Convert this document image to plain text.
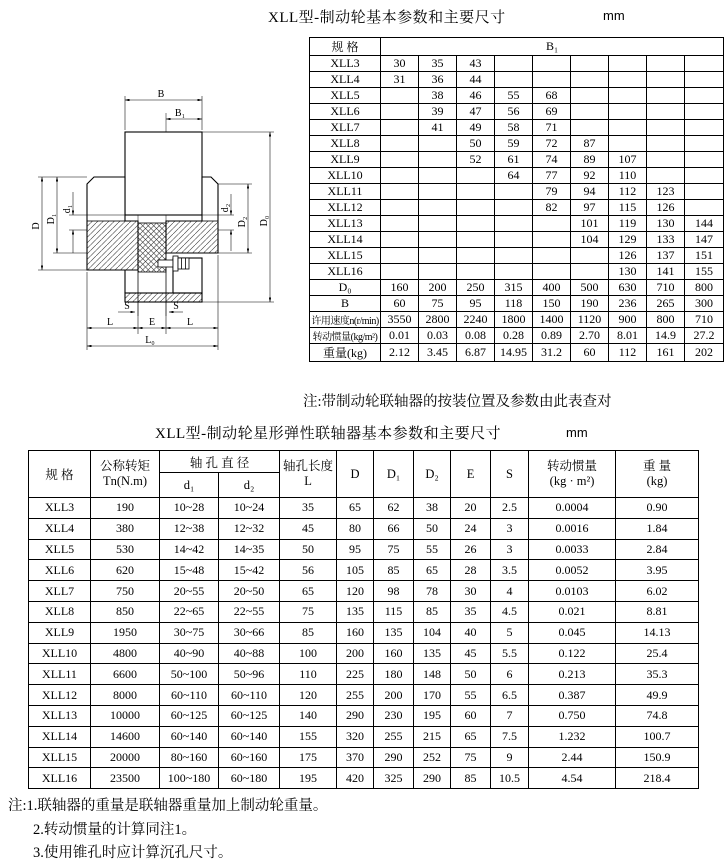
XLL型-制动轮基本参数和主要尺寸	mm
B
B₁
D
D₁
d₁	d₂
D₂ D₀
S	S
L	E	L
L₀
规 格	B₁								
XLL3	30	35	43						
XLL4	31	36	44						
XLL5		38	46	55	68				
XLL6		39	47	56	69				
XLL7		41	49	58	71				
XLL8			50	59	72	87			
XLL9			52	61	74	89	107		
XLL10				64	77	92	110		
XLL11					79	94	112	123	
XLL12					82	97	115	126	
XLL13						101	119	130	144
XLL14						104	129	133	147
XLL15							126	137	151
XLL16							130	141	155
D₀	160	200	250	315	400	500	630	710	800
B	60	75	95	118	150	190	236	265	300
许用速度n(r/min)	3550	2800	2240	1800	1400	1120	900	800	710
转动惯量(kg/m²)	0.01	0.03	0.08	0.28	0.89	2.70	8.01	14.9	27.2
重量(kg)	2.12	3.45	6.87	14.95	31.2	60	112	161	202
注:带制动轮联轴器的按装位置及参数由此表查对
XLL型-制动轮星形弹性联轴器基本参数和主要尺寸	mm
规 格	
公称转矩
Tn(N.m)
	轴 孔 直 径	轴孔长度
L
	D	D₁	D₂	E	S	
转动惯量
(kg · m²)

重 量
(kg)

		d₁	d₂								
XLL3	190	10~28	10~24	35	65	62	38	20	2.5	0.0004	0.90
XLL4	380	12~38	12~32	45	80	66	50	24	3	0.0016	1.84
XLL5	530	14~42	14~35	50	95	75	55	26	3	0.0033	2.84
XLL6	620	15~48	15~42	56	105	85	65	28	3.5	0.0052	3.95
XLL7	750	20~55	20~50	65	120	98	78	30	4	0.0103	6.02
XLL8	850	22~65	22~55	75	135	115	85	35	4.5	0.021	8.81
XLL9	1950	30~75	30~66	85	160	135	104	40	5	0.045	14.13
XLL10	4800	40~90	40~88	100	200	160	135	45	5.5	0.122	25.4
XLL11	6600	50~100	50~96	110	225	180	148	50	6	0.213	35.3
XLL12	8000	60~110	60~110	120	255	200	170	55	6.5	0.387	49.9
XLL13	10000	60~125	60~125	140	290	230	195	60	7	0.750	74.8
XLL14	14600	60~140	60~140	155	320	255	215	65	7.5	1.232	100.7
XLL15	20000	80~160	60~160	175	370	290	252	75	9	2.44	150.9
XLL16	23500	100~180	60~180	195	420	325	290	85	10.5	4.54	218.4
注:1.联轴器的重量是联轴器重量加上制动轮重量。
2.转动惯量的计算同注1。
3.使用锥孔时应计算沉孔尺寸。
